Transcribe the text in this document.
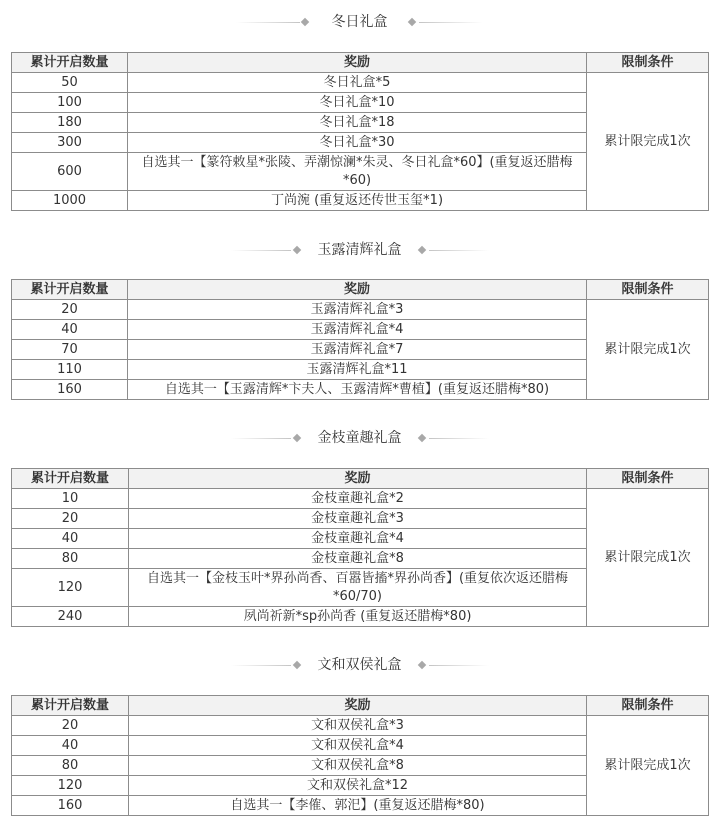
冬日礼盒
累计开启数量	奖励	限制条件
50	冬日礼盒*5	累计限完成1次
100	冬日礼盒*10	
180	冬日礼盒*18	
300	冬日礼盒*30	
600	自选其一【篆符敕星*张陵、弄潮惊澜*朱灵、冬日礼盒*60】(重复返还腊梅*60)	
1000	丁尚涴 (重复返还传世玉玺*1)	
玉露清辉礼盒
累计开启数量	奖励	限制条件
20	玉露清辉礼盒*3	累计限完成1次
40	玉露清辉礼盒*4	
70	玉露清辉礼盒*7	
110	玉露清辉礼盒*11	
160	自选其一【玉露清辉*卞夫人、玉露清辉*曹植】(重复返还腊梅*80)	
金枝童趣礼盒
累计开启数量	奖励	限制条件
10	金枝童趣礼盒*2	累计限完成1次
20	金枝童趣礼盒*3	
40	金枝童趣礼盒*4	
80	金枝童趣礼盒*8	
120	自选其一【金枝玉叶*界孙尚香、百嚣皆搐*界孙尚香】(重复依次返还腊梅*60/70)	
240	夙尚祈新*sp孙尚香 (重复返还腊梅*80)	
文和双侯礼盒
累计开启数量	奖励	限制条件
20	文和双侯礼盒*3	累计限完成1次
40	文和双侯礼盒*4	
80	文和双侯礼盒*8	
120	文和双侯礼盒*12	
160	自选其一【李傕、郭汜】(重复返还腊梅*80)	
